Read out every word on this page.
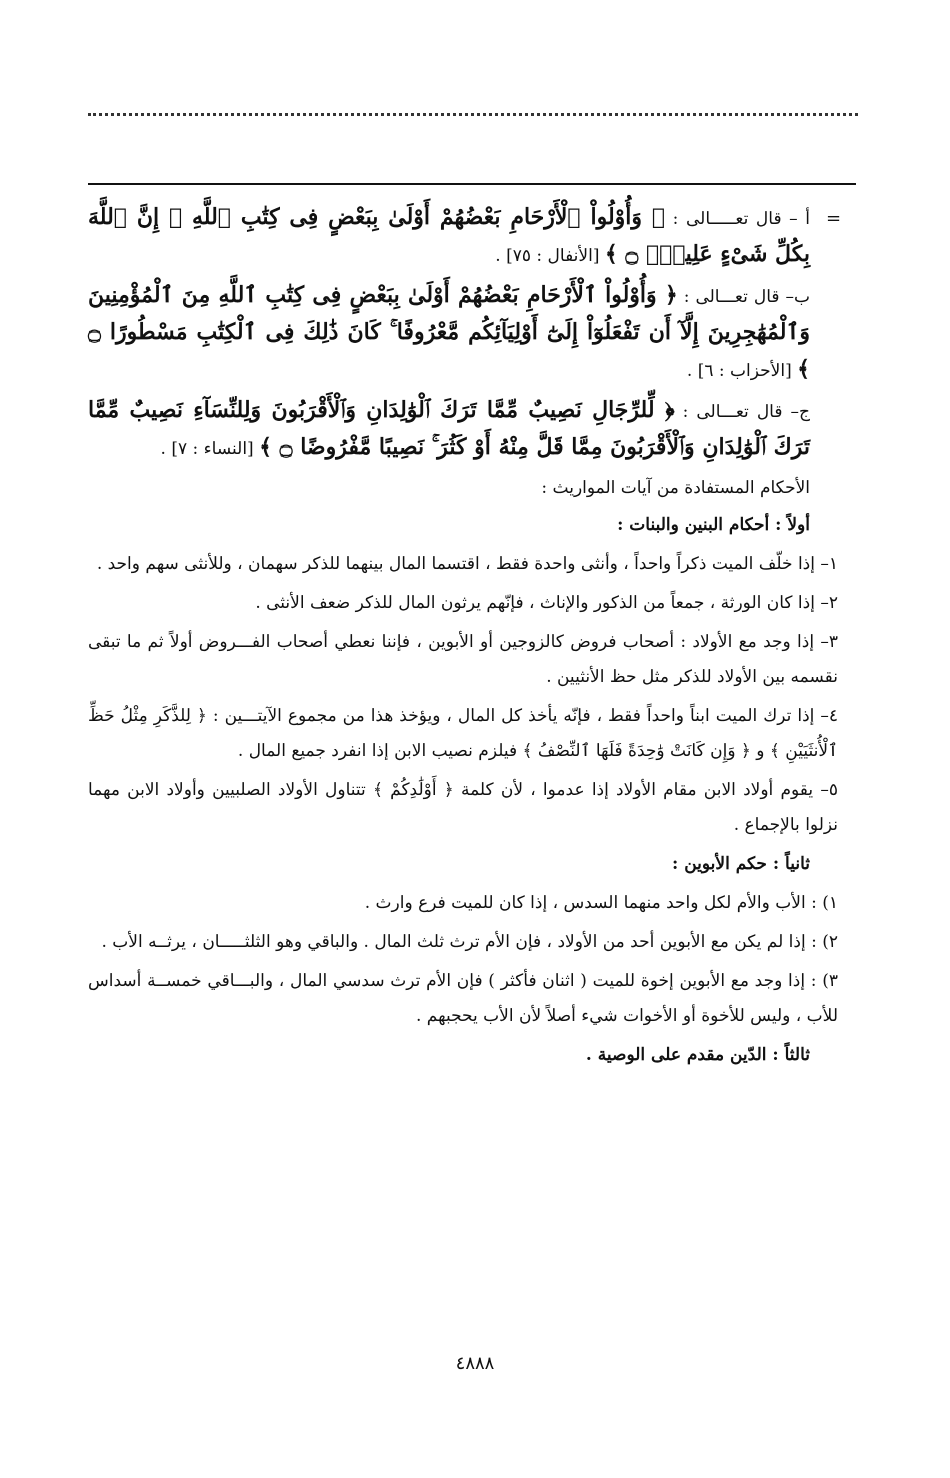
=

أ – قال تعـــــالى : ﴿ وَأُوْلُواْ ٱلْأَرْحَامِ بَعْضُهُمْ أَوْلَىٰ بِبَعْضٍ فِى كِتَٰبِ ٱللَّهِ ۗ إِنَّ ٱللَّهَ بِكُلِّ شَىْءٍ عَلِيمٌۢ ۝ ﴾ [الأنفال : ٧٥] .

ب– قال تعـــالى : ﴿ وَأُوْلُواْ ٱلْأَرْحَامِ بَعْضُهُمْ أَوْلَىٰ بِبَعْضٍ فِى كِتَٰبِ ٱللَّهِ مِنَ ٱلْمُؤْمِنِينَ وَٱلْمُهَٰجِرِينَ إِلَّآ أَن تَفْعَلُوٓاْ إِلَىٰٓ أَوْلِيَآئِكُم مَّعْرُوفًا ۚ كَانَ ذَٰلِكَ فِى ٱلْكِتَٰبِ مَسْطُورًا ۝ ﴾ [الأحزاب : ٦] .

ج– قال تعـــالى : ﴿ لِّلرِّجَالِ نَصِيبٌ مِّمَّا تَرَكَ ٱلْوَٰلِدَانِ وَٱلْأَقْرَبُونَ وَلِلنِّسَآءِ نَصِيبٌ مِّمَّا تَرَكَ ٱلْوَٰلِدَانِ وَٱلْأَقْرَبُونَ مِمَّا قَلَّ مِنْهُ أَوْ كَثُرَ ۚ نَصِيبًا مَّفْرُوضًا ۝ ﴾ [النساء : ٧] .

الأحكام المستفادة من آيات المواريث :

أولاً : أحكام البنين والبنات :

١– إذا خلّف الميت ذكراً واحداً ، وأنثى واحدة فقط ، اقتسما المال بينهما للذكر سهمان ، وللأنثى سهم واحد .

٢– إذا كان الورثة ، جمعاً من الذكور والإناث ، فإنّهم يرثون المال للذكر ضعف الأنثى .

٣– إذا وجد مع الأولاد : أصحاب فروض كالزوجين أو الأبوين ، فإننا نعطي أصحاب الفـــروض أولاً ثم ما تبقى نقسمه بين الأولاد للذكر مثل حظ الأنثيين .

٤– إذا ترك الميت ابناً واحداً فقط ، فإنّه يأخذ كل المال ، ويؤخذ هذا من مجموع الآيتـــين : ﴿ لِلذَّكَرِ مِثْلُ حَظِّ ٱلْأُنثَيَيْنِ ﴾ و ﴿ وَإِن كَانَتْ وَٰحِدَةً فَلَهَا ٱلنِّصْفُ ﴾ فيلزم نصيب الابن إذا انفرد جميع المال .

٥– يقوم أولاد الابن مقام الأولاد إذا عدموا ، لأن كلمة ﴿ أَوْلَٰدِكُمْ ﴾ تتناول الأولاد الصلبيين وأولاد الابن مهما نزلوا بالإجماع .

ثانياً : حكم الأبوين :

١) : الأب والأم لكل واحد منهما السدس ، إذا كان للميت فرع وارث .

٢) : إذا لم يكن مع الأبوين أحد من الأولاد ، فإن الأم ترث ثلث المال . والباقي وهو الثلثـــــان ، يرثــه الأب .

٣) : إذا وجد مع الأبوين إخوة للميت ( اثنان فأكثر ) فإن الأم ترث سدسي المال ، والبـــاقي خمســة أسداس للأب ، وليس للأخوة أو الأخوات شيء أصلاً لأن الأب يحجبهم .

ثالثاً : الدّين مقدم على الوصية .

٤٨٨٨
